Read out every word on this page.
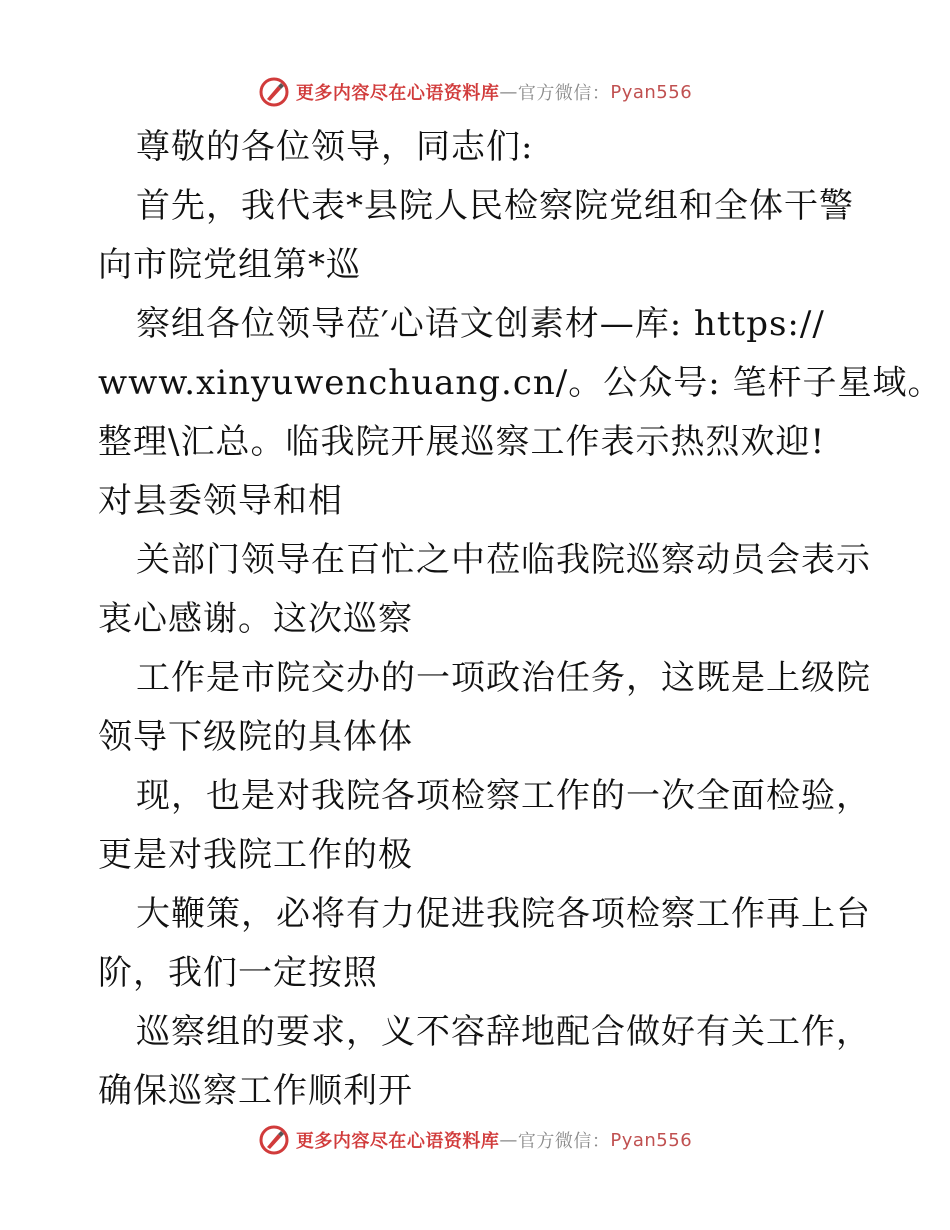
更多内容尽在心语资料库 — 官方微信： Pyan556
尊敬的各位领导，同志们:
首先，我代表*县院人民检察院党组和全体干警
向市院党组第*巡
察组各位领导莅′心语文创素材—库: https://
www.xinyuwenchuang.cn/。公众号: 笔杆子星域。
整理\汇总。临我院开展巡察工作表示热烈欢迎!
对县委领导和相
关部门领导在百忙之中莅临我院巡察动员会表示
衷心感谢。这次巡察
工作是市院交办的一项政治任务，这既是上级院
领导下级院的具体体
现，也是对我院各项检察工作的一次全面检验，
更是对我院工作的极
大鞭策，必将有力促进我院各项检察工作再上台
阶，我们一定按照
巡察组的要求，义不容辞地配合做好有关工作，
确保巡察工作顺利开
更多内容尽在心语资料库 — 官方微信： Pyan556
